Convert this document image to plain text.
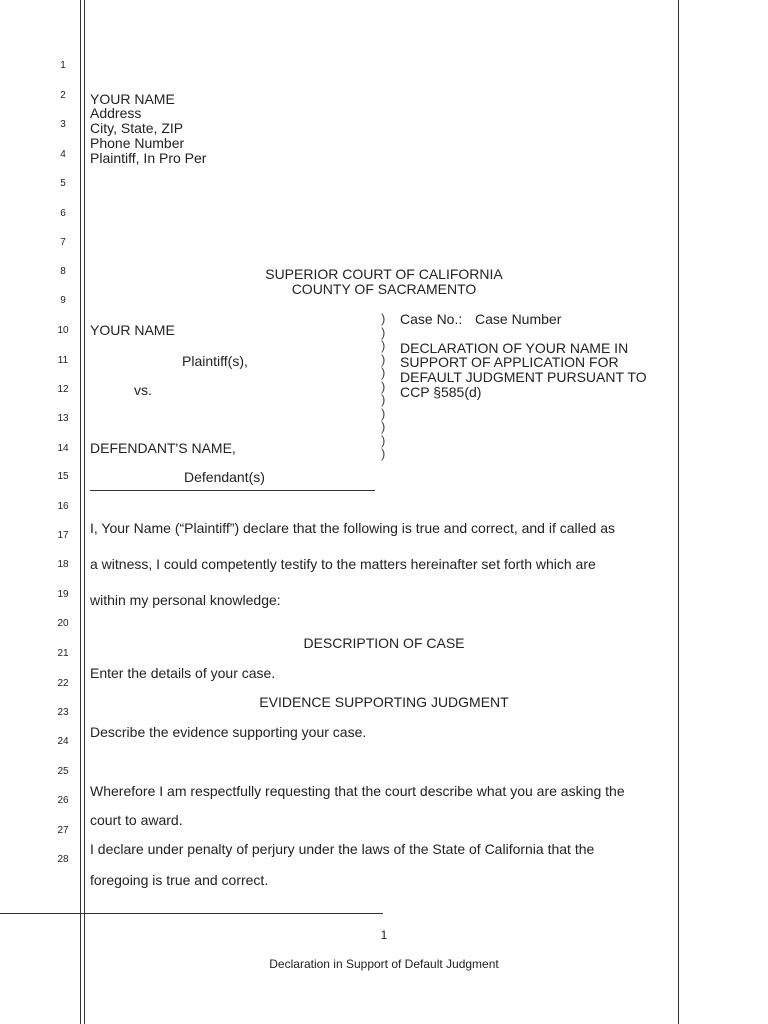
1
2
3
4
5
6
7
8
9
10
11
12
13
14
15
16
17
18
19
20
21
22
23
24
25
26
27
28
YOUR NAME
Address
City, State, ZIP
Phone Number
Plaintiff, In Pro Per
SUPERIOR COURT OF CALIFORNIA
COUNTY OF SACRAMENTO
YOUR NAME
Plaintiff(s),
vs.
DEFENDANT'S NAME,
Defendant(s)
)
)
)
)
)
)
)
)
)
)
)
Case No.: Case Number
DECLARATION OF YOUR NAME IN
SUPPORT OF APPLICATION FOR
DEFAULT JUDGMENT PURSUANT TO
CCP §585(d)
I, Your Name (“Plaintiff”) declare that the following is true and correct, and if called as
a witness, I could competently testify to the matters hereinafter set forth which are
within my personal knowledge:
DESCRIPTION OF CASE
Enter the details of your case.
EVIDENCE SUPPORTING JUDGMENT
Describe the evidence supporting your case.
Wherefore I am respectfully requesting that the court describe what you are asking the
court to award.
I declare under penalty of perjury under the laws of the State of California that the
foregoing is true and correct.
1
Declaration in Support of Default Judgment
